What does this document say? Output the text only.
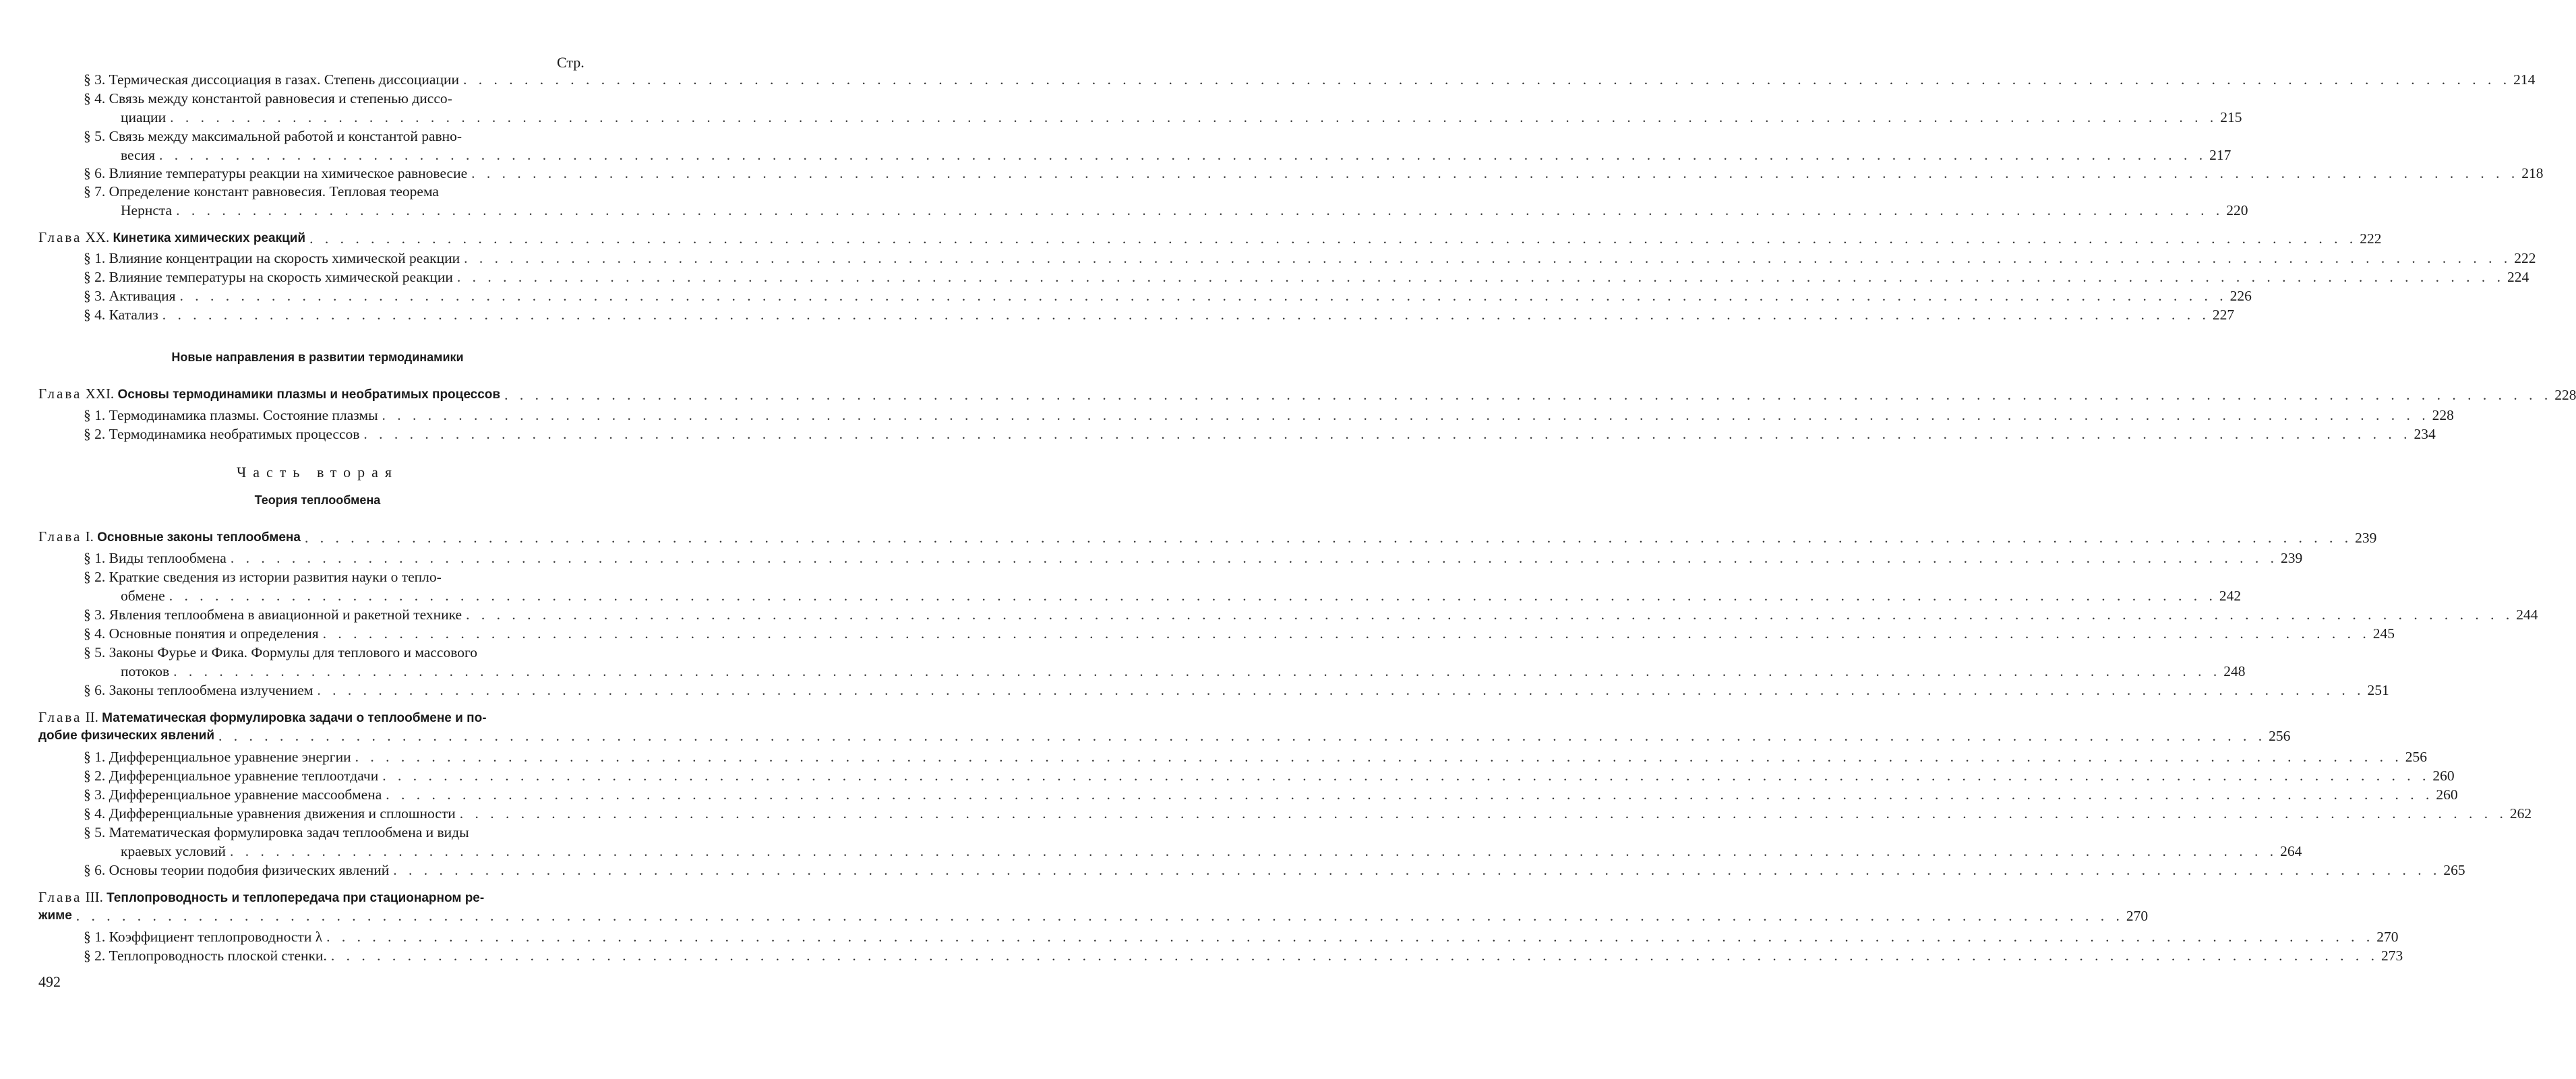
Стр.
§ 3. Термическая диссоциация в газах. Степень диссоциации . . .	214
§ 4. Связь между константой равновесия и степенью диссо-
циации . . .	215
§ 5. Связь между максимальной работой и константой равно-
весия . . .	217
§ 6. Влияние температуры реакции на химическое равновесие . . .	218
§ 7. Определение констант равновесия. Тепловая теорема
Нернста . . .	220
Глава XX. Кинетика химических реакций . . .	222
§ 1. Влияние концентрации на скорость химической реакции . . .	222
§ 2. Влияние температуры на скорость химической реакции . . .	224
§ 3. Активация . . .	226
§ 4. Катализ . . .	227
Новые направления в развитии термодинамики
Глава XXI. Основы термодинамики плазмы и необратимых процессов . . .	228
§ 1. Термодинамика плазмы. Состояние плазмы . . .	228
§ 2. Термодинамика необратимых процессов . . .	234
Часть вторая
Теория теплообмена
Глава I. Основные законы теплообмена . . .	239
§ 1. Виды теплообмена . . .	239
§ 2. Краткие сведения из истории развития науки о тепло-
обмене . . .	242
§ 3. Явления теплообмена в авиационной и ракетной технике . . .	244
§ 4. Основные понятия и определения . . .	245
§ 5. Законы Фурье и Фика. Формулы для теплового и массового
потоков . . .	248
§ 6. Законы теплообмена излучением . . .	251
Глава II. Математическая формулировка задачи о теплообмене и по-
добие физических явлений . . .	256
§ 1. Дифференциальное уравнение энергии . . .	256
§ 2. Дифференциальное уравнение теплоотдачи . . .	260
§ 3. Дифференциальное уравнение массообмена . . .	260
§ 4. Дифференциальные уравнения движения и сплошности . . .	262
§ 5. Математическая формулировка задач теплообмена и виды
краевых условий . . .	264
§ 6. Основы теории подобия физических явлений . . .	265
Глава III. Теплопроводность и теплопередача при стационарном ре-
жиме . . .	270
§ 1. Коэффициент теплопроводности λ . . .	270
§ 2. Теплопроводность плоской стенки. . . .	273
492
